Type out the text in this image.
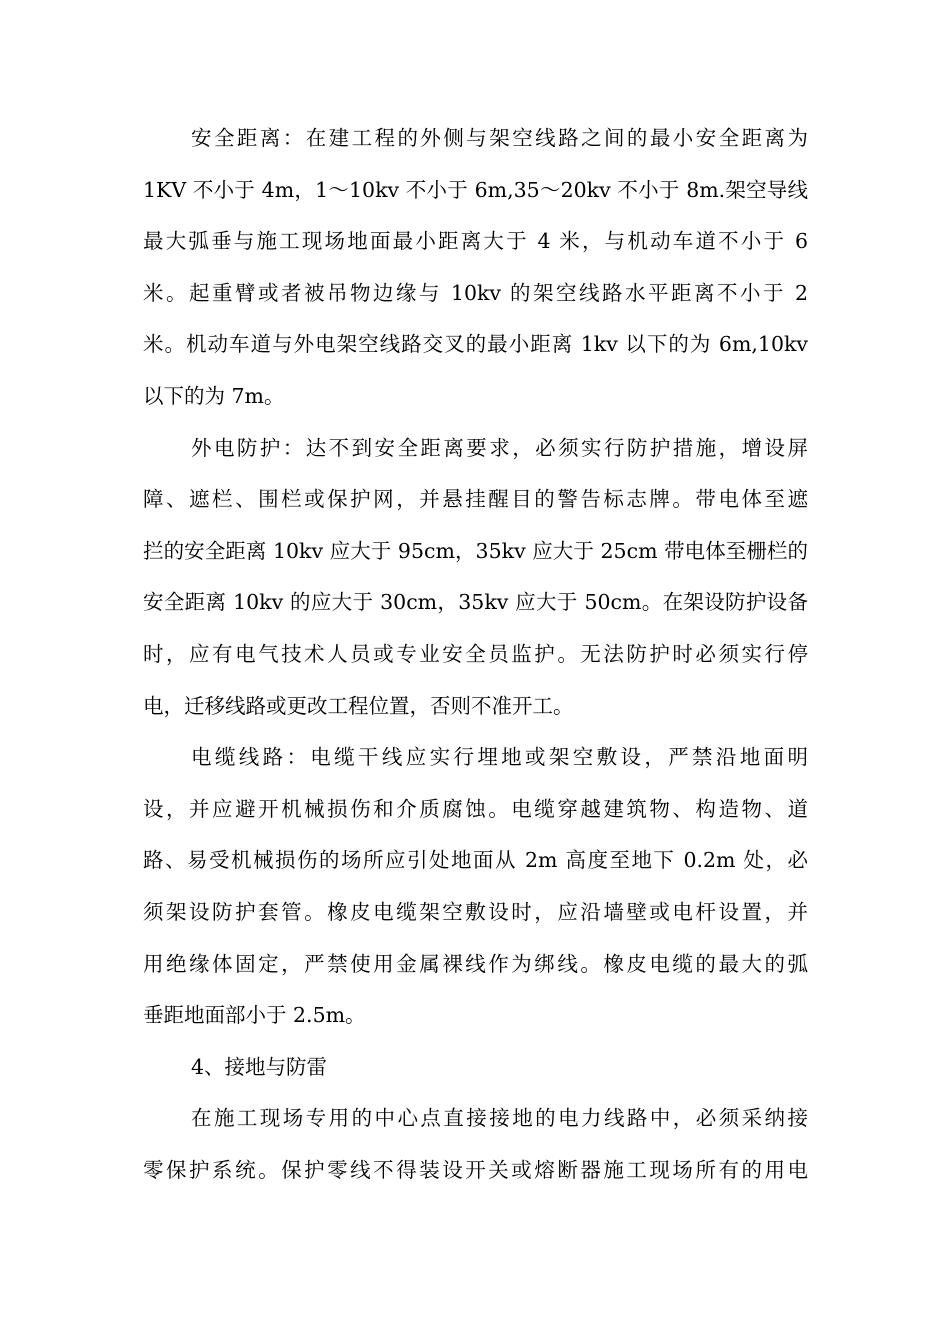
安全距离：在建工程的外侧与架空线路之间的最小安全距离为
1KV 不小于 4m，1～10kv 不小于 6m,35～20kv 不小于 8m.架空导线
最大弧垂与施工现场地面最小距离大于 4 米，与机动车道不小于 6
米。起重臂或者被吊物边缘与 10kv 的架空线路水平距离不小于 2
米。机动车道与外电架空线路交叉的最小距离 1kv 以下的为 6m,10kv
以下的为 7m。
外电防护：达不到安全距离要求，必须实行防护措施，增设屏
障、遮栏、围栏或保护网，并悬挂醒目的警告标志牌。带电体至遮
拦的安全距离 10kv 应大于 95cm，35kv 应大于 25cm 带电体至栅栏的
安全距离 10kv 的应大于 30cm，35kv 应大于 50cm。在架设防护设备
时，应有电气技术人员或专业安全员监护。无法防护时必须实行停
电，迁移线路或更改工程位置，否则不准开工。
电缆线路：电缆干线应实行埋地或架空敷设，严禁沿地面明
设，并应避开机械损伤和介质腐蚀。电缆穿越建筑物、构造物、道
路、易受机械损伤的场所应引处地面从 2m 高度至地下 0.2m 处，必
须架设防护套管。橡皮电缆架空敷设时，应沿墙壁或电杆设置，并
用绝缘体固定，严禁使用金属裸线作为绑线。橡皮电缆的最大的弧
垂距地面部小于 2.5m。
4、接地与防雷
在施工现场专用的中心点直接接地的电力线路中，必须采纳接
零保护系统。保护零线不得装设开关或熔断器施工现场所有的用电
